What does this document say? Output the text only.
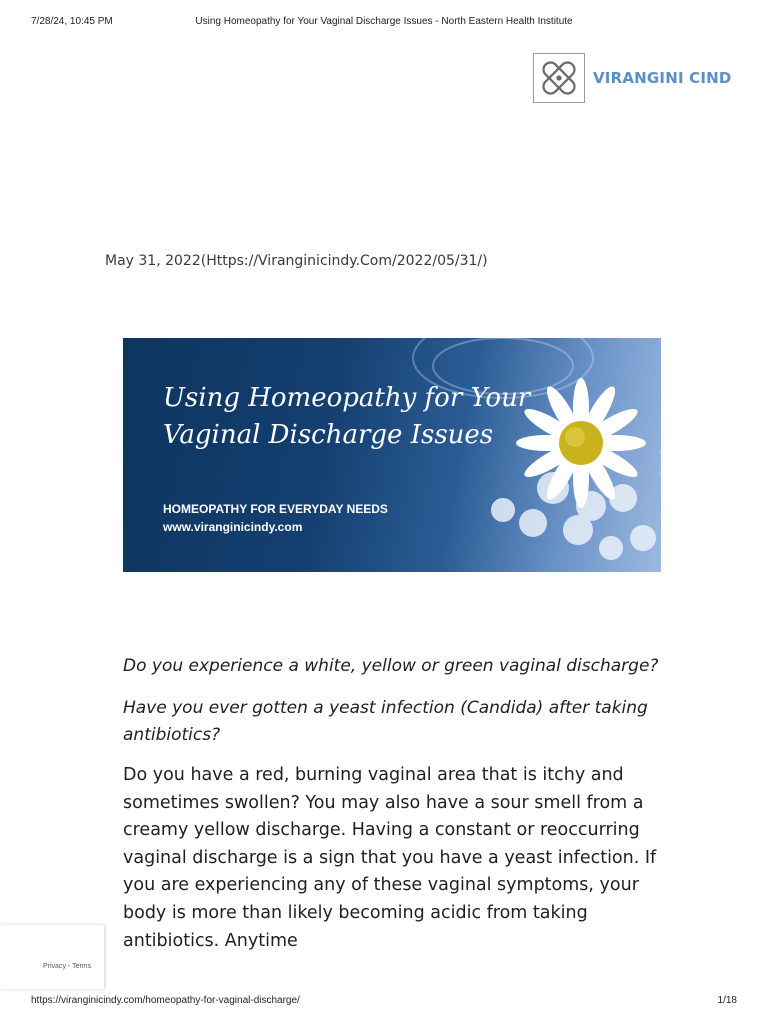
7/28/24, 10:45 PM	Using Homeopathy for Your Vaginal Discharge Issues - North Eastern Health Institute
VIRANGINI CIND
May 31, 2022(Https://Viranginicindy.Com/2022/05/31/)
Using Homeopathy for Your
Vaginal Discharge Issues
HOMEOPATHY FOR EVERYDAY NEEDS
www.viranginicindy.com

Do you experience a white, yellow or green vaginal discharge?

Have you ever gotten a yeast infection (Candida) after taking antibiotics?

Do you have a red, burning vaginal area that is itchy and sometimes swollen? You may also have a sour smell from a creamy yellow discharge. Having a constant or reoccurring vaginal discharge is a sign that you have a yeast infection. If you are experiencing any of these vaginal symptoms, your body is more than likely becoming acidic from taking antibiotics. Anytime

Privacy - Terms
https://viranginicindy.com/homeopathy-for-vaginal-discharge/	1/18
